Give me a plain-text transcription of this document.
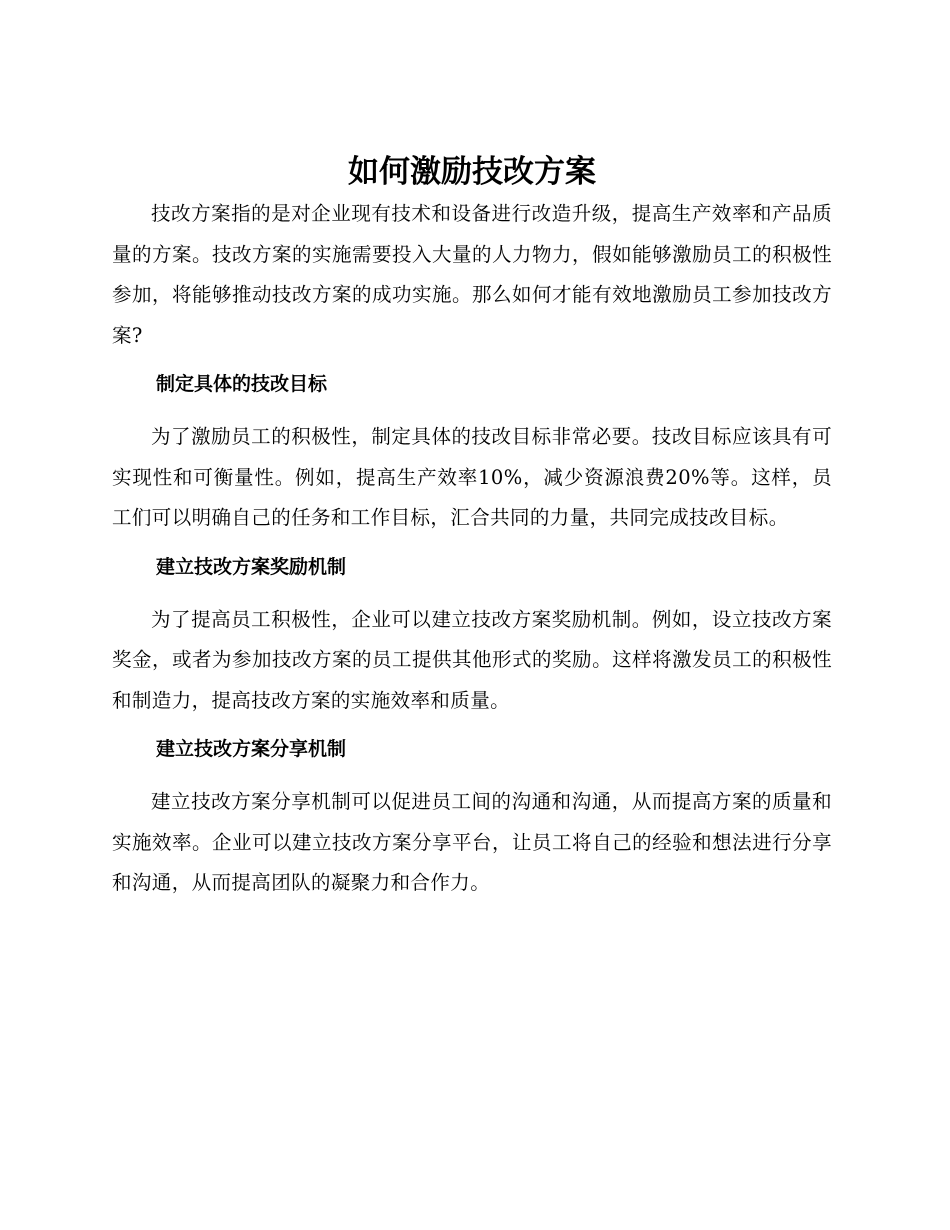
如何激励技改方案

技改方案指的是对企业现有技术和设备进行改造升级，提高生产效率和产品质量的方案。技改方案的实施需要投入大量的人力物力，假如能够激励员工的积极性参加，将能够推动技改方案的成功实施。那么如何才能有效地激励员工参加技改方案?

制定具体的技改目标

为了激励员工的积极性，制定具体的技改目标非常必要。技改目标应该具有可实现性和可衡量性。例如，提高生产效率10%，减少资源浪费20%等。这样，员工们可以明确自己的任务和工作目标，汇合共同的力量，共同完成技改目标。

建立技改方案奖励机制

为了提高员工积极性，企业可以建立技改方案奖励机制。例如，设立技改方案奖金，或者为参加技改方案的员工提供其他形式的奖励。这样将激发员工的积极性和制造力，提高技改方案的实施效率和质量。

建立技改方案分享机制

建立技改方案分享机制可以促进员工间的沟通和沟通，从而提高方案的质量和实施效率。企业可以建立技改方案分享平台，让员工将自己的经验和想法进行分享和沟通，从而提高团队的凝聚力和合作力。
